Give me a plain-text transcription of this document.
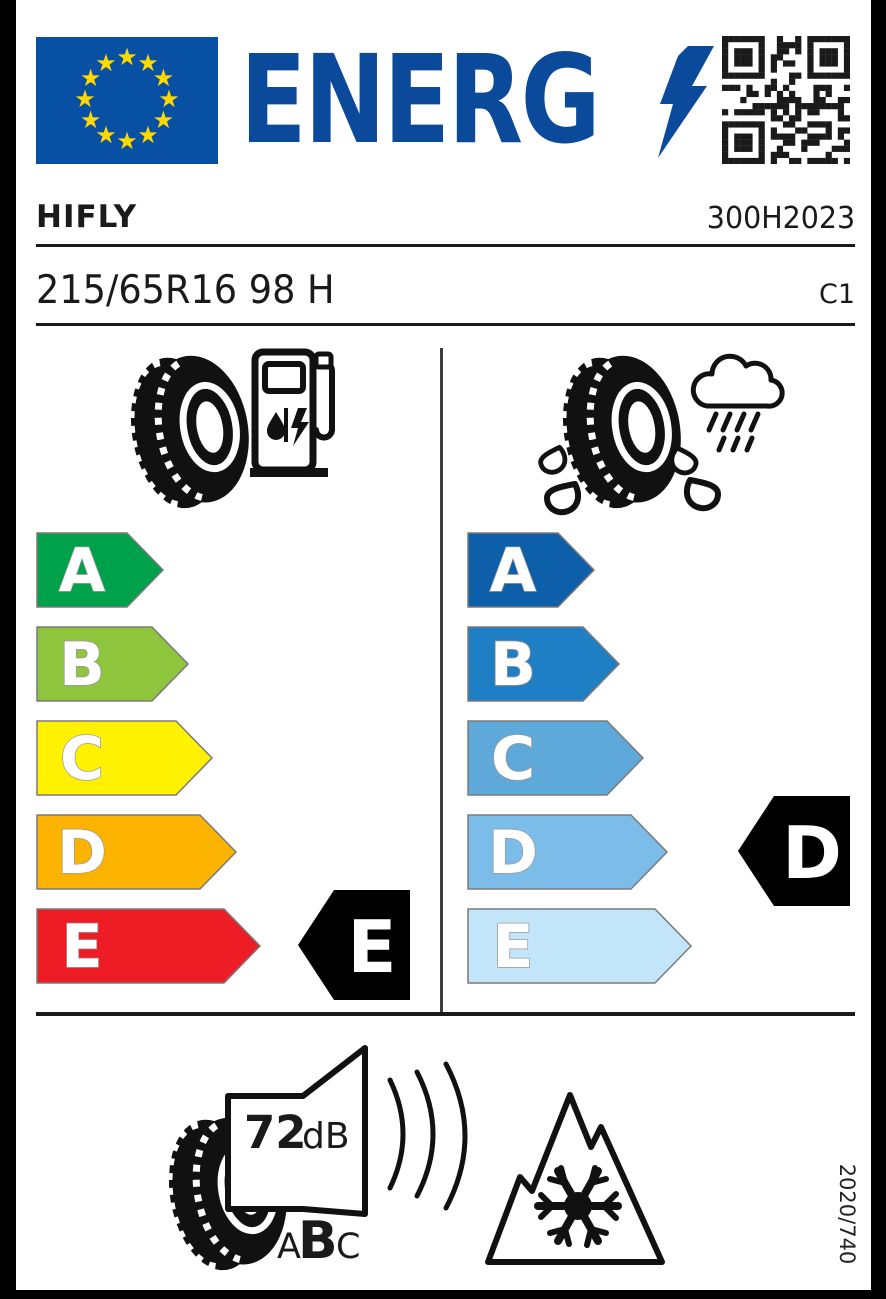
★ ★
★
★
★
★
★
★
★
★
★
★ ENERG
HIFLY	300H2023
215/65R16 98 H	C1
A
B
C
D
E	E
A
B
C
D
E
D
72
dB
A
B
C	2020/740
